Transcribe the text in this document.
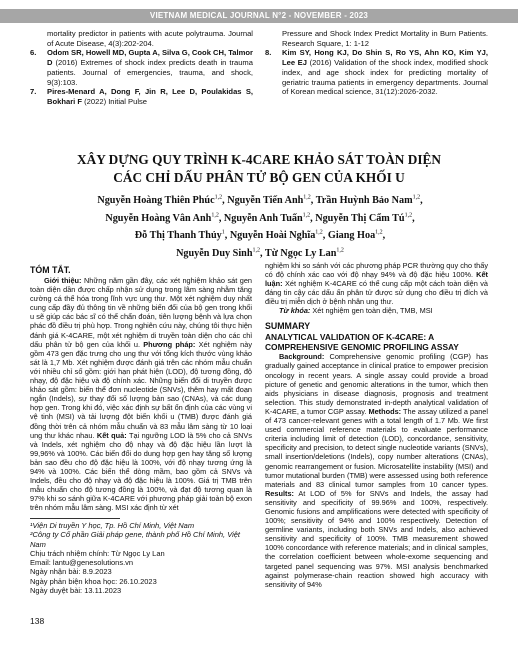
VIETNAM MEDICAL JOURNAL N°2 - NOVEMBER - 2023
mortality predictor in patients with acute polytrauma. Journal of Acute Disease, 4(3):202-204.
6.	Odom SR, Howell MD, Gupta A, Silva G, Cook CH, Talmor D (2016) Extremes of shock index predicts death in trauma patients. Journal of emergencies, trauma, and shock, 9(3):103.
7.	Pires-Menard A, Dong F, Jin R, Lee D, Poulakidas S, Bokhari F (2022) Initial Pulse
Pressure and Shock Index Predict Mortality in Burn Patients. Research Square, 1: 1-12
8.	Kim SY, Hong KJ, Do Shin S, Ro YS, Ahn KO, Kim YJ, Lee EJ (2016) Validation of the shock index, modified shock index, and age shock index for predicting mortality of geriatric trauma patients in emergency departments. Journal of Korean medical science, 31(12):2026-2032.
XÂY DỰNG QUY TRÌNH K-4CARE KHẢO SÁT TOÀN DIỆN
CÁC CHỈ DẤU PHÂN TỬ BỘ GEN CỦA KHỐI U
Nguyễn Hoàng Thiên Phúc$^{1,2}$, Nguyễn Tiến Anh$^{1,2}$, Trần Huỳnh Bảo Nam$^{1,2}$,
Nguyễn Hoàng Vân Anh$^{1,2}$, Nguyễn Anh Tuấn$^{1,2}$, Nguyễn Thị Cẩm Tú$^{1,2}$,
Đỗ Thị Thanh Thủy$^1$, Nguyễn Hoài Nghĩa$^{1,2}$, Giang Hoa$^{1,2}$,
Nguyễn Duy Sinh$^{1,2}$, Từ Ngọc Ly Lan$^{1,2}$
TÓM TẮT.

Giới thiệu: Những năm gần đây, các xét nghiệm khảo sát gen toàn diện dần được chấp nhận sử dụng trong lâm sàng nhằm tăng cường cá thể hóa trong lĩnh vực ung thư. Một xét nghiệm duy nhất cung cấp đầy đủ thông tin về những biến đổi của bộ gen trong khối u sẽ giúp các bác sĩ có thể chẩn đoán, tiên lượng bệnh và lựa chọn phác đồ điều trị phù hợp. Trong nghiên cứu này, chúng tôi thực hiện đánh giá K-4CARE, một xét nghiệm di truyền toàn diện cho các chỉ dấu phân tử bộ gen của khối u. Phương pháp: Xét nghiệm này gồm 473 gen đặc trưng cho ung thư với tổng kích thước vùng khảo sát là 1,7 Mb. Xét nghiệm được đánh giá trên các nhóm mẫu chuẩn với nhiều chỉ số gồm: giới hạn phát hiện (LOD), độ tương đồng, độ nhạy, độ đặc hiệu và độ chính xác. Những biến đổi di truyền được khảo sát gồm: biến thể đơn nucleotide (SNVs), thêm hay mất đoạn ngắn (Indels), sự thay đổi số lượng bản sao (CNAs), và các dung hợp gen. Trong khi đó, việc xác định sự bất ổn định của các vùng vi vệ tinh (MSI) và tải lượng đột biến khối u (TMB) được đánh giá đồng thời trên cả nhóm mẫu chuẩn và 83 mẫu lâm sàng từ 10 loại ung thư khác nhau. Kết quả: Tại ngưỡng LOD là 5% cho cả SNVs và Indels, xét nghiệm cho độ nhạy và độ đặc hiệu lần lượt là 99,96% và 100%. Các biến đổi do dung hợp gen hay tăng số lượng bản sao đều cho độ đặc hiệu là 100%, với độ nhạy tương ứng là 94% và 100%. Các biến thể dòng mầm, bao gồm cả SNVs và Indels, đều cho độ nhạy và độ đặc hiệu là 100%. Giá trị TMB trên mẫu chuẩn cho độ tương đồng là 100%, và đạt độ tương quan là 97% khi so sánh giữa K-4CARE với phương pháp giải toàn bộ exon trên nhóm mẫu lâm sàng. MSI xác định từ xét

nghiệm khi so sánh với các phương pháp PCR thường quy cho thấy có độ chính xác cao với độ nhạy 94% và độ đặc hiệu 100%. Kết luận: Xét nghiệm K-4CARE có thể cung cấp một cách toàn diện và đáng tin cậy các dấu ấn phân tử được sử dụng cho điều trị đích và điều trị miễn dịch ở bệnh nhân ung thư.

Từ khóa: Xét nghiệm gen toàn diện, TMB, MSI

SUMMARY
ANALYTICAL VALIDATION OF K-4CARE: A COMPREHENSIVE GENOMIC PROFILING ASSAY

Background: Comprehensive genomic profiling (CGP) has gradually gained acceptance in clinical pratice to empower precision oncology in recent years. A single assay could provide a broad picture of genetic and genomic alterations in the tumor, which then aids physicians in disease diagnosis, prognosis and treatment selection. This study demonstrated in-depth analytical validation of K-4CARE, a tumor CGP assay. Methods: The assay utilized a panel of 473 cancer-relevant genes with a total length of 1.7 Mb. We first used commercial reference materials to evaluate performance criteria including limit of detection (LOD), concordance, sensitivity, specificity and precision, to detect single nucleotide variants (SNVs), small insertion/deletions (Indels), copy number alterations (CNAs), genomic rearrangement or fusion. Microsatellite instability (MSI) and tumor mutational burden (TMB) were assessed using both reference materials and 83 clinical tumor samples from 10 cancer types. Results: At LOD of 5% for SNVs and Indels, the assay had sensitivity and specificity of 99.96% and 100%, respectively. Genomic fusions and amplifications were detected with specificity of 100%; sensitivity of 94% and 100% respectively. Detection of germline variants, including both SNVs and Indels, also achieved sensitivity and specificity of 100%. TMB measurement showed 100% concordance with reference materials; and in clinical samples, the correlation coefficient between whole-exome sequencing and targeted panel sequencing was 97%. MSI analysis benchmarked against polymerase-chain reaction showed high accuracy with sensitivity of 94%

¹Viện Di truyền Y học, Tp. Hồ Chí Minh, Việt Nam
²Công ty Cổ phần Giải pháp gene, thành phố Hồ Chí Minh, Việt Nam
Chịu trách nhiệm chính: Từ Ngọc Ly Lan
Email: lantu@genesolutions.vn
Ngày nhận bài: 8.9.2023
Ngày phản biện khoa học: 26.10.2023
Ngày duyệt bài: 13.11.2023
138
